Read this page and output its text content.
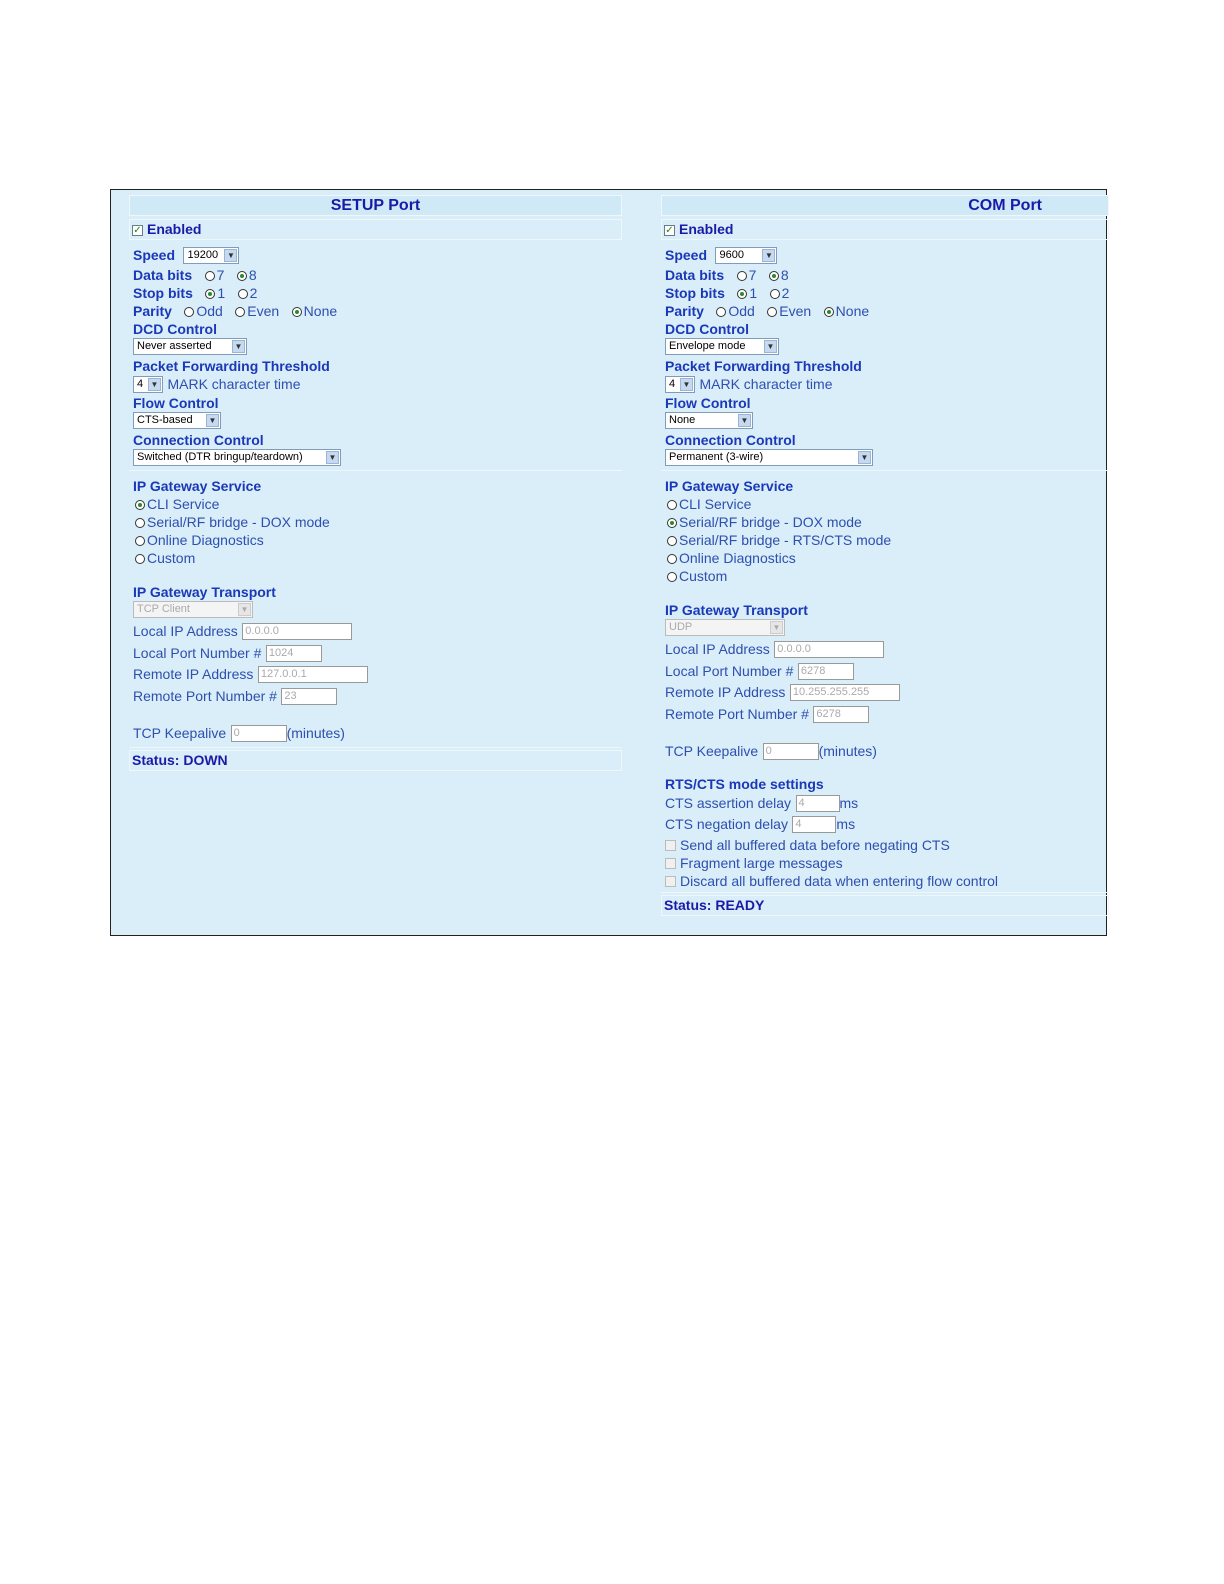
SETUP Port
✓ Enabled
Speed 19200	▼
Data bits 7 8
Stop bits 1 2
Parity Odd Even None
DCD Control
Never asserted	▼
Packet Forwarding Threshold
4 ▼ MARK character time
Flow Control
CTS-based	▼
Connection Control
Switched (DTR bringup/teardown)	▼
IP Gateway Service
CLI Service
Serial/RF bridge - DOX mode
Online Diagnostics
Custom
IP Gateway Transport
TCP Client	▼
Local IP Address 0.0.0.0
Local Port Number # 1024
Remote IP Address 127.0.0.1
Remote Port Number # 23
TCP Keepalive 0	(minutes)
Status: DOWN
COM Port
✓ Enabled
Speed 9600	▼
Data bits 7 8
Stop bits 1 2
Parity Odd Even None
DCD Control
Envelope mode	▼
Packet Forwarding Threshold
4 ▼ MARK character time
Flow Control
None	▼
Connection Control
Permanent (3-wire)	▼
IP Gateway Service
CLI Service
Serial/RF bridge - DOX mode
Serial/RF bridge - RTS/CTS mode
Online Diagnostics
Custom
IP Gateway Transport
UDP	▼
Local IP Address 0.0.0.0
Local Port Number # 6278
Remote IP Address 10.255.255.255
Remote Port Number # 6278
TCP Keepalive 0	(minutes)
RTS/CTS mode settings
CTS assertion delay 4 ms
CTS negation delay 4 ms
Send all buffered data before negating CTS
Fragment large messages
Discard all buffered data when entering flow control
Status: READY
